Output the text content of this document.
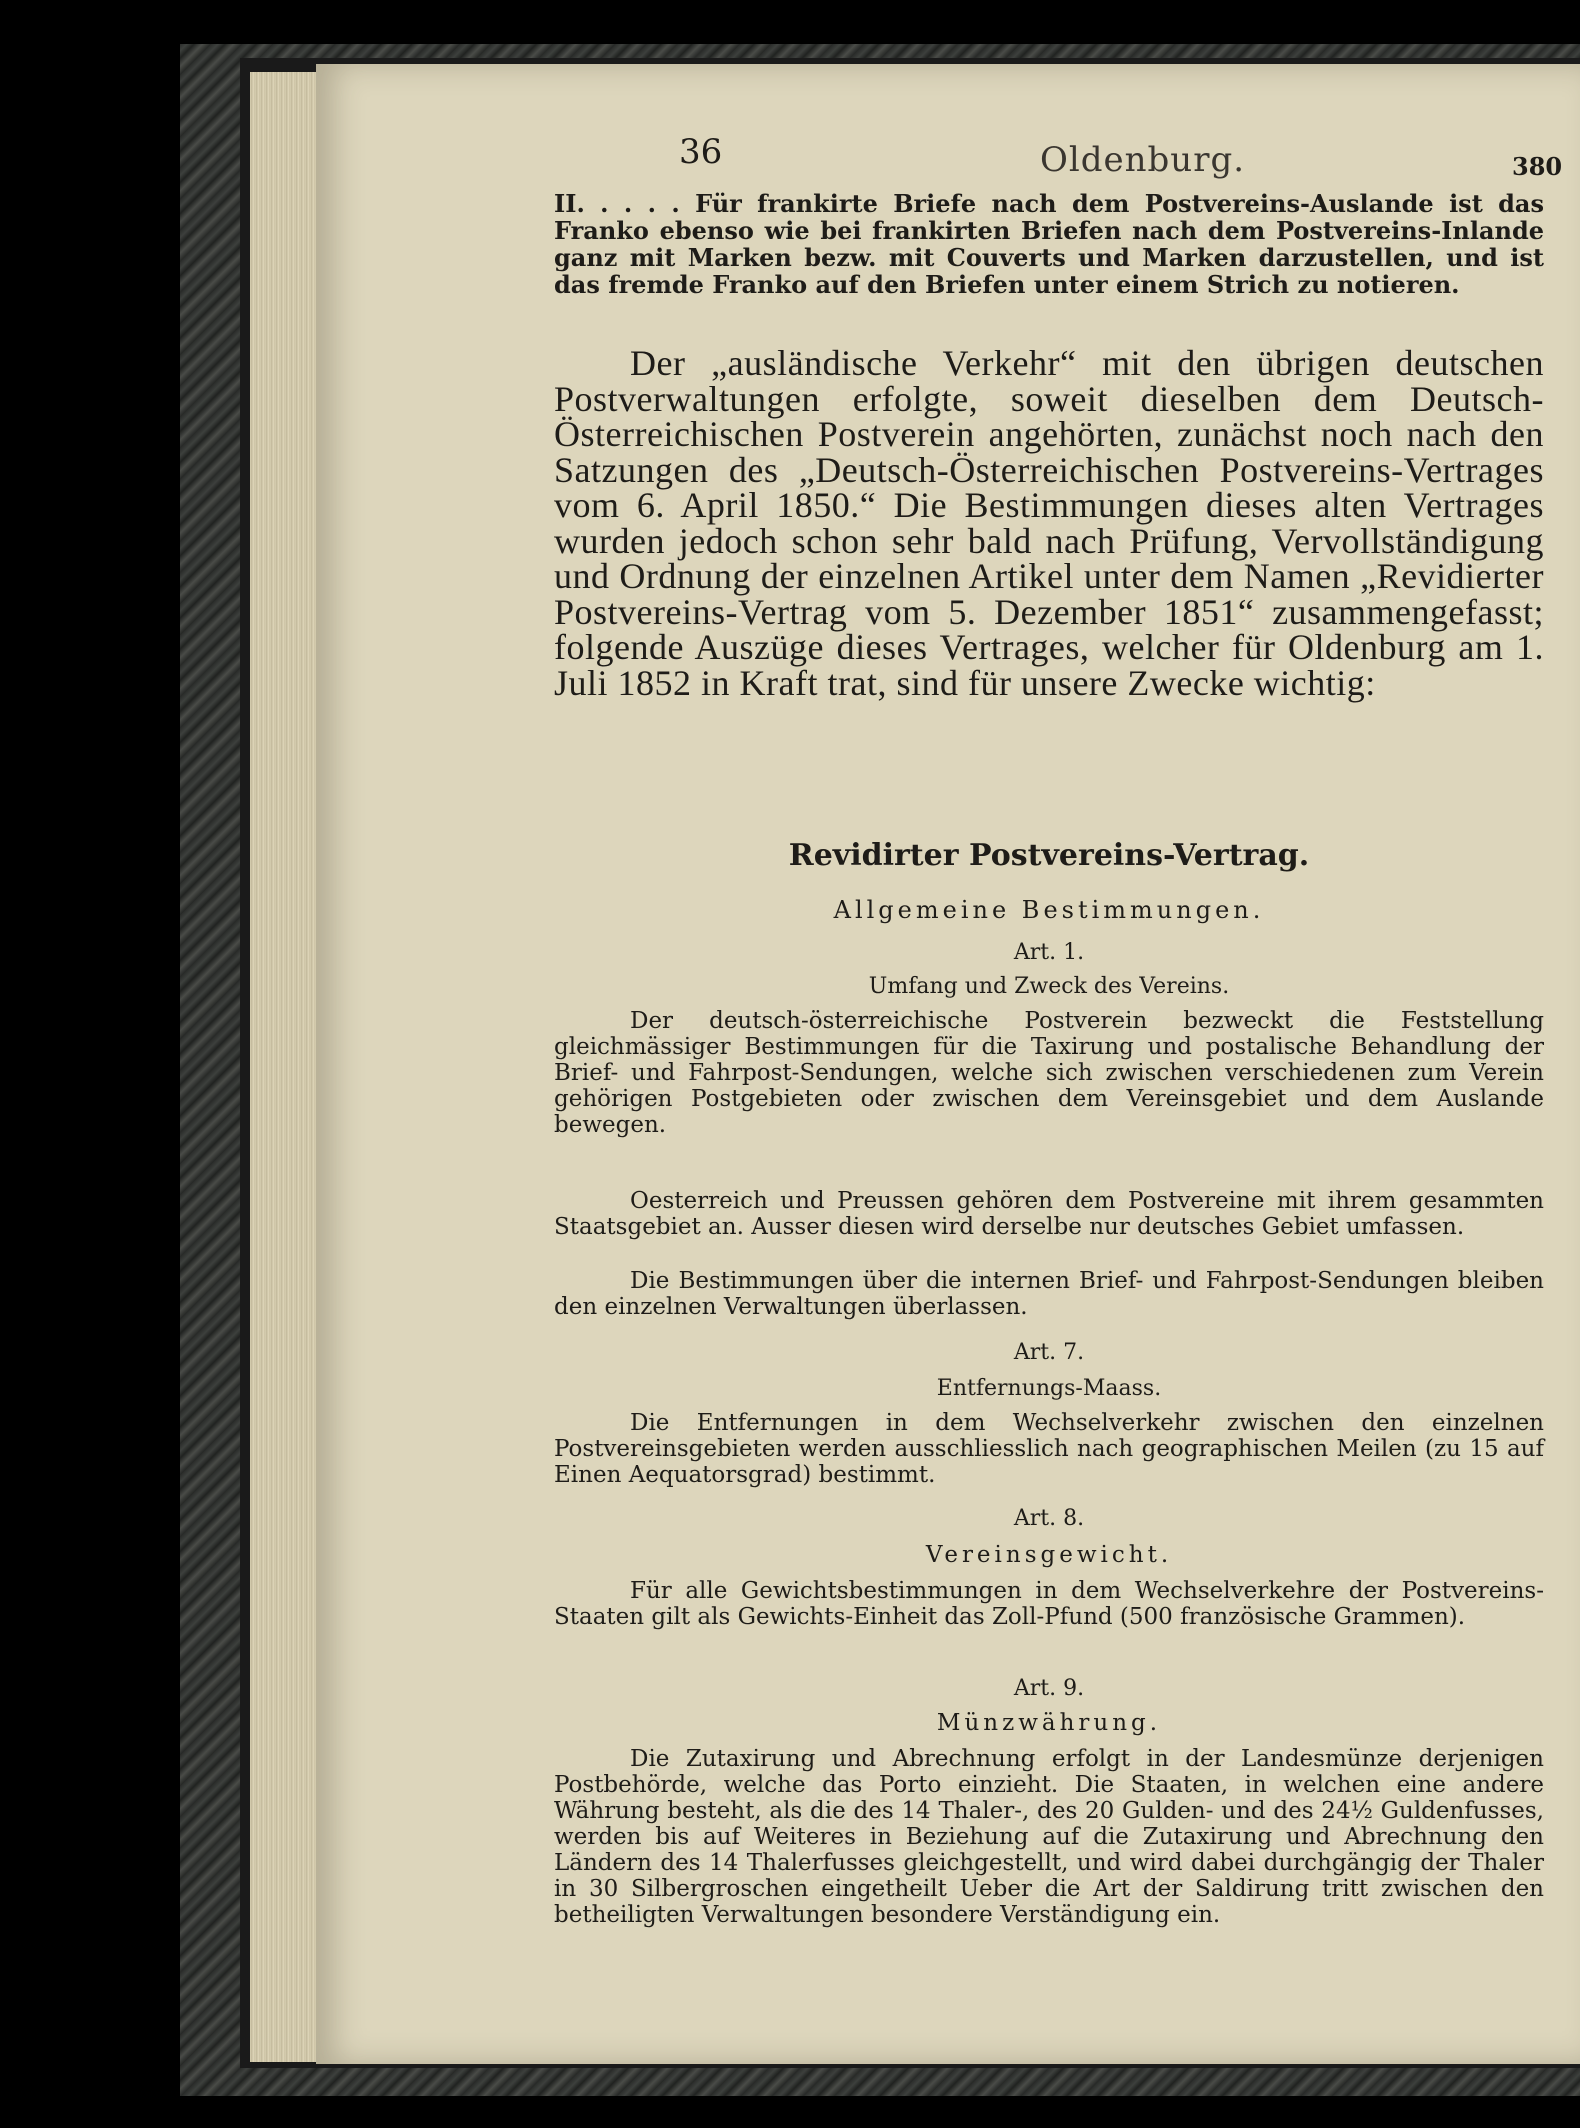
36	Oldenburg.	380
II. . . . . Für frankirte Briefe nach dem Postvereins-Auslande ist das Franko ebenso wie bei frankirten Briefen nach dem Postvereins-Inlande ganz mit Marken bezw. mit Couverts und Marken darzustellen, und ist das fremde Franko auf den Briefen unter einem Strich zu notieren.
Der „ausländische Verkehr“ mit den übrigen deutschen Postverwaltungen erfolgte, soweit dieselben dem Deutsch-Österreichischen Postverein angehörten, zunächst noch nach den Satzungen des „Deutsch-Österreichischen Postvereins-Vertrages vom 6. April 1850.“ Die Bestimmungen dieses alten Vertrages wurden jedoch schon sehr bald nach Prüfung, Vervollständigung und Ordnung der einzelnen Artikel unter dem Namen „Revidierter Postvereins-Vertrag vom 5. Dezember 1851“ zusammengefasst; folgende Auszüge dieses Vertrages, welcher für Oldenburg am 1. Juli 1852 in Kraft trat, sind für unsere Zwecke wichtig:
Revidirter Postvereins-Vertrag.
Allgemeine Bestimmungen.
Art. 1.
Umfang und Zweck des Vereins.
Der deutsch-österreichische Postverein bezweckt die Feststellung gleichmässiger Bestimmungen für die Taxirung und postalische Behandlung der Brief- und Fahrpost-Sendungen, welche sich zwischen verschiedenen zum Verein gehörigen Postgebieten oder zwischen dem Vereinsgebiet und dem Auslande bewegen.
Oesterreich und Preussen gehören dem Postvereine mit ihrem gesammten Staatsgebiet an. Ausser diesen wird derselbe nur deutsches Gebiet umfassen.
Die Bestimmungen über die internen Brief- und Fahrpost-Sendungen bleiben den einzelnen Verwaltungen überlassen.
Art. 7.
Entfernungs-Maass.
Die Entfernungen in dem Wechselverkehr zwischen den einzelnen Postvereinsgebieten werden ausschliesslich nach geographischen Meilen (zu 15 auf Einen Aequatorsgrad) bestimmt.
Art. 8.
Vereinsgewicht.
Für alle Gewichtsbestimmungen in dem Wechselverkehre der Postvereins-Staaten gilt als Gewichts-Einheit das Zoll-Pfund (500 französische Grammen).
Art. 9.
Münzwährung.
Die Zutaxirung und Abrechnung erfolgt in der Landesmünze derjenigen Postbehörde, welche das Porto einzieht. Die Staaten, in welchen eine andere Währung besteht, als die des 14 Thaler-, des 20 Gulden- und des 24½ Guldenfusses, werden bis auf Weiteres in Beziehung auf die Zutaxirung und Abrechnung den Ländern des 14 Thalerfusses gleichgestellt, und wird dabei durchgängig der Thaler in 30 Silbergroschen eingetheilt Ueber die Art der Saldirung tritt zwischen den betheiligten Verwaltungen besondere Verständigung ein.
